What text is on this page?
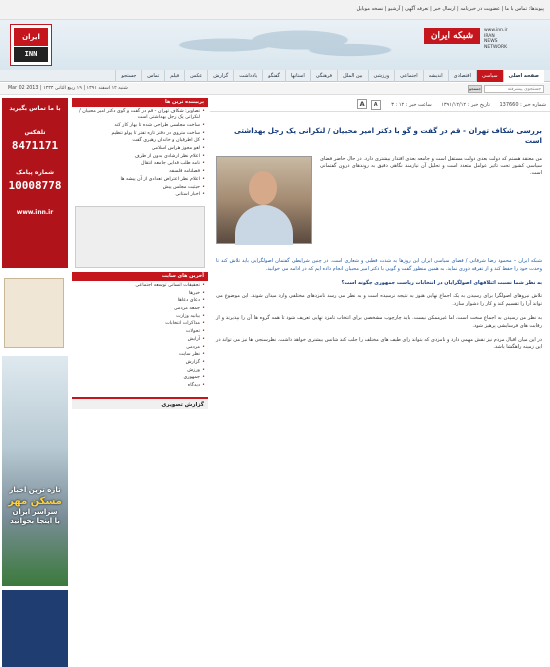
پیوندها: تماس با ما | عضویت در خبرنامه | ارسال خبر | تعرفه آگهی | آرشیو | نسخه موبایل
شبکه ایران
www.inn.ir
IRAN
NEWS
NETWORK
ایران
INN
صفحه اصلی
سیاسی
اقتصادی
اندیشه
اجتماعی
ورزشی
بین الملل
فرهنگی
استانها
گفتگو
یادداشت
گزارش
عکس
فیلم
تماس
جستجو
جستجوی پیشرفته
جستجو
شنبه ۱۲ اسفند ۱۳۹۱ | ۱۹ ربیع الثانی ۱۴۳۴ | Mar 02 2013
با ما تماس بگیرید
تلفکس
8471171
شماره پیامک
10008778
www.inn.ir
تازه ترین اخبار
مسکن مهر
سراسر ایران
با اینجا بخوانید
پربیننده ترین ها
• تصاویر: شکاف تهران - قم در گفت و گوی دکتر امیر محبیان / لنکرانی یک رجل بهداشتی است
• ساخت مجلسی طراحی شده تا بهار کار کند
• ساخت متروی در دفتر تاره تفتر تا پولو تنظیم
• کل اطرفیان و خاندان رهبری گفت
• لغو مجوز هراس اسلامی
• اعلام نظر ارشادی بدون از طرف
• نامه طلب فدایی جامعه انتقال
• فصلنامه فلسفه
• اعلام نظر اعتراض تعدادی از آن پیشه ها
• حیثیت مجلس پیش
• اخبار استانی
آخرین های سایت
• تحقیقات انسانی توسعه اجتماعی
• خبرها
• دعای دعاها
• جمعه مردمی
• بیانیه وزارت
• مذاکرات انتخابات
• تحولات
• آرایش
• مردمی
• نظر سایت
• گزارش
• ورزش
• جمهوری
• دیدگاه
گزارش تصویری
شماره خبر : 137660 تاریخ خبر : ۱۳۹۱/۱۲/۱۲ ساعت خبر : ۱۲ : ۳ A A
بررسی شکاف تهران - قم در گفت و گو با دکتر امیر محبیان / لنکرانی یک رجل بهداشتی است
من معتقد هستم که دولت بعدی دولت مستقل است و جامعه بعدی اقتدار بیشتری دارد. در حال حاضر فضای سیاسی کشور تحت تاثیر عوامل متعدد است و تحلیل آن نیازمند نگاهی دقیق به روندهای درون گفتمانی است.

شبکه ایران – محمود رضا شرقانی / فضای سیاسی ایران این روزها به شدت قطبی و شعاری است. در چنین شرایطی گفتمان اصولگرایی باید تلاش کند تا وحدت خود را حفظ کند و از تفرقه دوری نماید. به همین منظور گفت و گویی با دکتر امیر محبیان انجام داده ایم که در ادامه می خوانید.

به نظر شما نسبت ائتلافهای اصولگرایان در انتخابات ریاست جمهوری چگونه است؟

تلاش نیروهای اصولگرا برای رسیدن به یک اجماع نهایی هنوز به نتیجه نرسیده است و به نظر می رسد نامزدهای مختلفی وارد میدان شوند. این موضوع می تواند آرا را تقسیم کند و کار را دشوار سازد.

به نظر من رسیدن به اجماع سخت است، اما غیرممکن نیست. باید چارچوب مشخصی برای انتخاب نامزد نهایی تعریف شود تا همه گروه ها آن را بپذیرند و از رقابت های فرسایشی پرهیز شود.

در این میان اقبال مردم نیز نقش مهمی دارد و نامزدی که بتواند رای طیف های مختلف را جلب کند شانس بیشتری خواهد داشت. نظرسنجی ها نیز می تواند در این زمینه راهگشا باشد.
